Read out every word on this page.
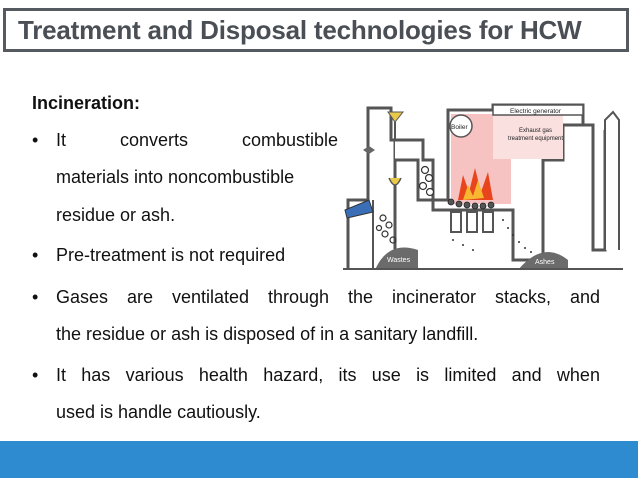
Treatment and Disposal technologies for HCW
Incineration:
• It	converts	combustible
materials into noncombustible
residue or ash.
• Pre-treatment is not required
• Gases are ventilated through the incinerator stacks, and
the residue or ash is disposed of in a sanitary landfill.
• It has various health hazard, its use is limited and when
used is handle cautiously.
Wastes
Electric generator
Boiler	Exhaust gas
treatment equipment
Ashes
